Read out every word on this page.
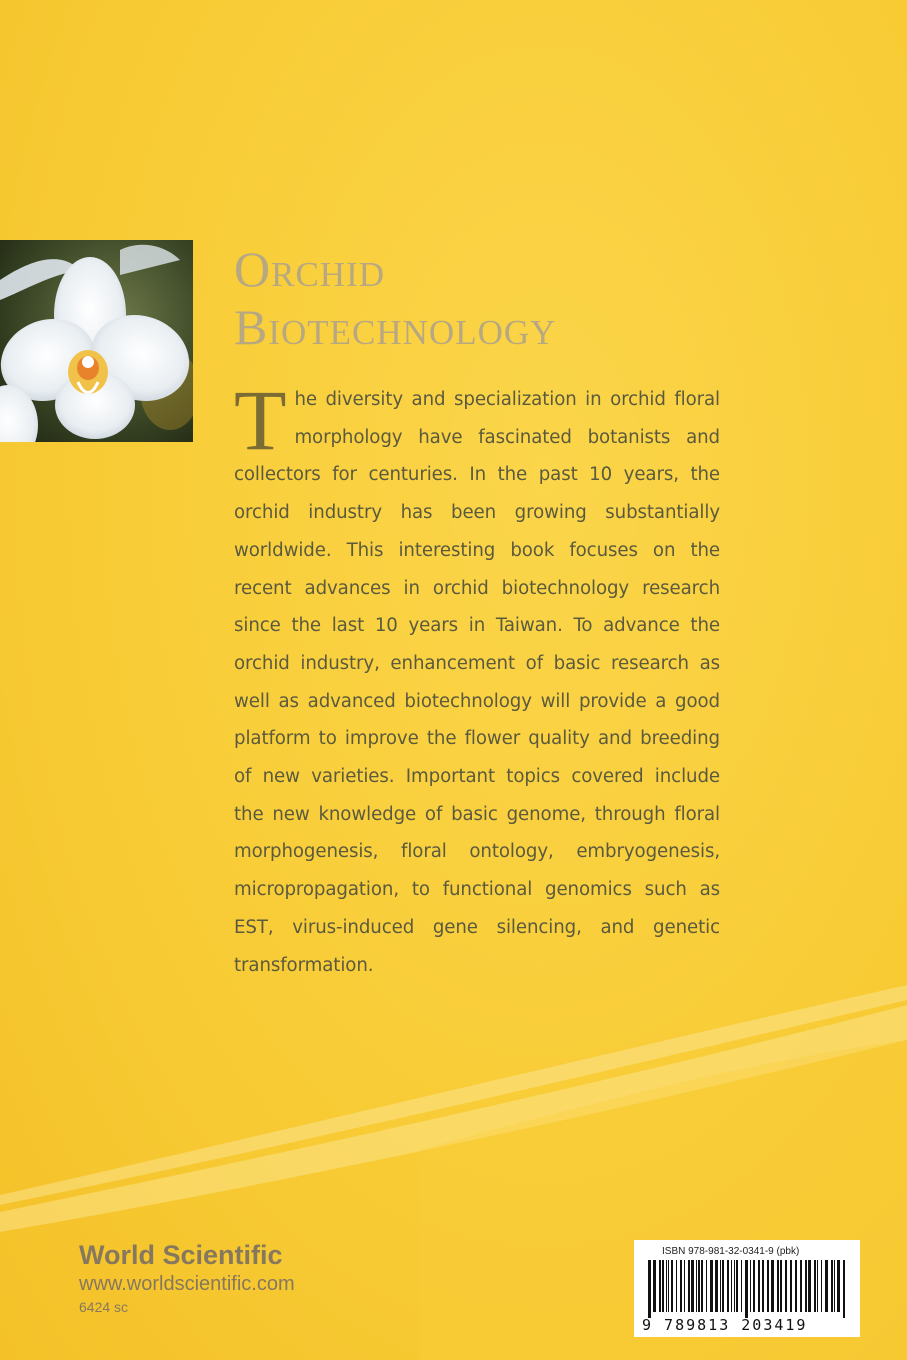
Orchid
Biotechnology

T he diversity and specialization in orchid floral morphology have fascinated botanists and collectors for centuries. In the past 10 years, the orchid industry has been growing substantially worldwide. This interesting book focuses on the recent advances in orchid biotechnology research since the last 10 years in Taiwan. To advance the orchid industry, enhancement of basic research as well as advanced biotechnology will provide a good platform to improve the flower quality and breeding of new varieties. Important topics covered include the new knowledge of basic genome, through floral morphogenesis, floral ontology, embryogenesis, micropropagation, to functional genomics such as EST, virus-induced gene silencing, and genetic transformation.

World Scientific
www.worldscientific.com
6424 sc
ISBN 978-981-32-0341-9 (pbk)
9 789813 203419
